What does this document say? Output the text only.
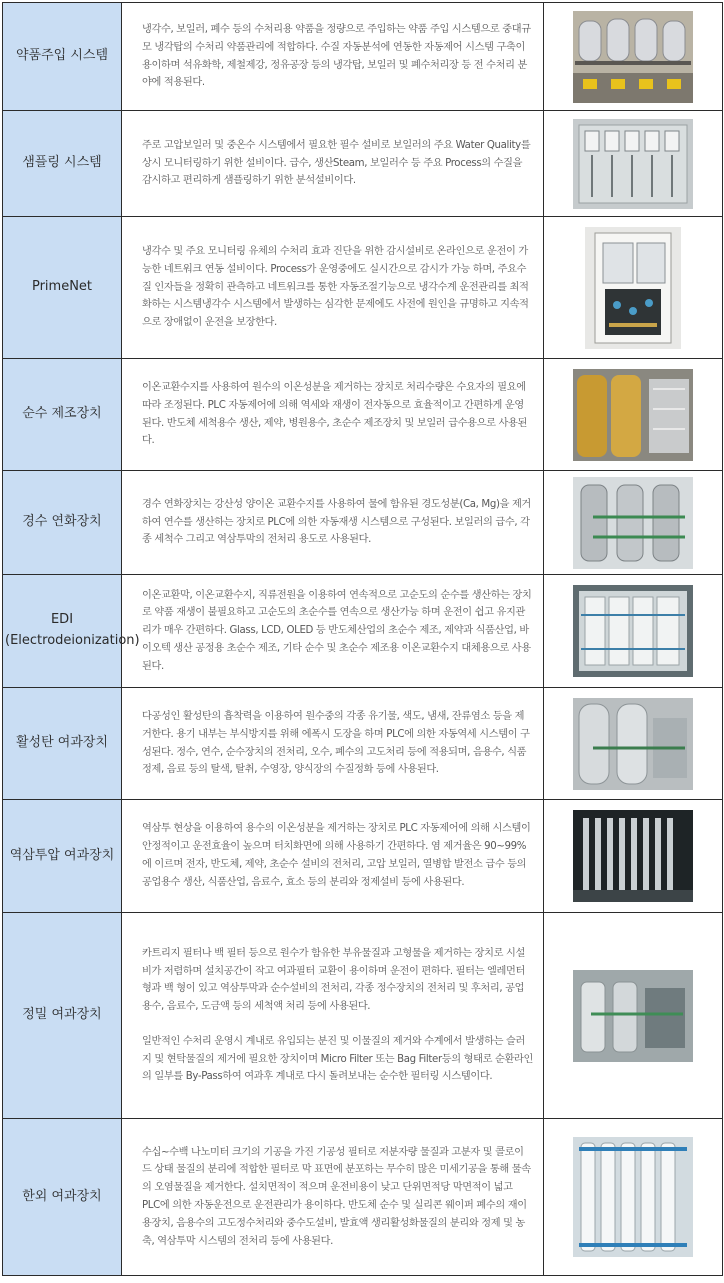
약품주입 시스템	냉각수, 보일러, 폐수 등의 수처리용 약품을 정량으로 주입하는 약품 주입 시스템으로 중대규모 냉각탑의 수처리 약품관리에 적합하다. 수질 자동분석에 연동한 자동제어 시스템 구축이 용이하며 석유화학, 제철제강, 정유공장 등의 냉각탑, 보일러 및 폐수처리장 등 전 수처리 분야에 적용된다.

샘플링 시스템	주로 고압보일러 및 중온수 시스템에서 필요한 필수 설비로 보일러의 주요 Water Quality를 상시 모니터링하기 위한 설비이다. 급수, 생산Steam, 보일러수 등 주요 Process의 수질을 감시하고 편리하게 샘플링하기 위한 분석설비이다.

PrimeNet	냉각수 및 주요 모니터링 유체의 수처리 효과 진단을 위한 감시설비로 온라인으로 운전이 가능한 네트워크 연동 설비이다. Process가 운영중에도 실시간으로 감시가 가능 하며, 주요수질 인자들을 정확히 관측하고 네트워크를 통한 자동조절기능으로 냉각수계 운전관리를 최적화하는 시스템냉각수 시스템에서 발생하는 심각한 문제에도 사전에 원인을 규명하고 지속적으로 장애없이 운전을 보장한다.

순수 제조장치	이온교환수지를 사용하여 원수의 이온성분을 제거하는 장치로 처리수량은 수요자의 필요에 따라 조정된다. PLC 자동제어에 의해 역세와 재생이 전자동으로 효율적이고 간편하게 운영된다. 반도체 세척용수 생산, 제약, 병원용수, 초순수 제조장치 및 보일러 급수용으로 사용된다.

경수 연화장치	경수 연화장치는 강산성 양이온 교환수지를 사용하여 물에 함유된 경도성분(Ca, Mg)을 제거하여 연수를 생산하는 장치로 PLC에 의한 자동재생 시스템으로 구성된다. 보일러의 급수, 각종 세척수 그리고 역삼투막의 전처리 용도로 사용된다.

EDI
(Electrodeionization)	이온교환막, 이온교환수지, 직류전원을 이용하여 연속적으로 고순도의 순수를 생산하는 장치로 약품 재생이 불필요하고 고순도의 초순수를 연속으로 생산가능 하며 운전이 쉽고 유지관리가 매우 간편하다. Glass, LCD, OLED 등 반도체산업의 초순수 제조, 제약과 식품산업, 바이오텍 생산 공정용 초순수 제조, 기타 순수 및 초순수 제조용 이온교환수지 대체용으로 사용된다.

활성탄 여과장치	다공성인 활성탄의 흡착력을 이용하여 원수중의 각종 유기물, 색도, 냄새, 잔류염소 등을 제거한다. 용기 내부는 부식방지를 위해 에폭시 도장을 하며 PLC에 의한 자동역세 시스템이 구성된다. 정수, 연수, 순수장치의 전처리, 오수, 폐수의 고도처리 등에 적용되며, 음용수, 식품정제, 음료 등의 탈색, 탈취, 수영장, 양식장의 수질정화 등에 사용된다.

역삼투압 여과장치	역삼투 현상을 이용하여 용수의 이온성분을 제거하는 장치로 PLC 자동제어에 의해 시스템이 안정적이고 운전효율이 높으며 터치화면에 의해 사용하기 간편하다. 염 제거율은 90~99%에 이르며 전자, 반도체, 제약, 초순수 설비의 전처리, 고압 보일러, 열병합 발전소 급수 등의 공업용수 생산, 식품산업, 음료수, 효소 등의 분리와 정제설비 등에 사용된다.

정밀 여과장치	카트리지 필터나 백 필터 등으로 원수가 함유한 부유물질과 고형물을 제거하는 장치로 시설비가 저렴하며 설치공간이 작고 여과필터 교환이 용이하며 운전이 편하다. 필터는 엘레먼터 형과 백 형이 있고 역삼투막과 순수설비의 전처리, 각종 정수장치의 전처리 및 후처리, 공업용수, 음료수, 도금액 등의 세척액 처리 등에 사용된다.

일반적인 수처리 운영시 계내로 유입되는 분진 및 이물질의 제거와 수계에서 발생하는 슬러지 및 현탁물질의 제거에 필요한 장치이며 Micro Filter 또는 Bag Filter등의 형태로 순환라인의 일부를 By-Pass하여 여과후 계내로 다시 돌려보내는 순수한 필터링 시스템이다.

한외 여과장치	수십~수백 나노미터 크기의 기공을 가진 기공성 필터로 저분자량 물질과 고분자 및 콜로이드 상태 물질의 분리에 적합한 필터로 막 표면에 분포하는 무수히 많은 미세기공을 통해 물속의 오염물질을 제거한다. 설치면적이 적으며 운전비용이 낮고 단위면적당 막면적이 넓고 PLC에 의한 자동운전으로 운전관리가 용이하다. 반도체 순수 및 실리콘 웨이퍼 폐수의 재이용장치, 음용수의 고도정수처리와 중수도설비, 발효액 생리활성화물질의 분리와 정제 및 농축, 역삼투막 시스템의 전처리 등에 사용된다.
